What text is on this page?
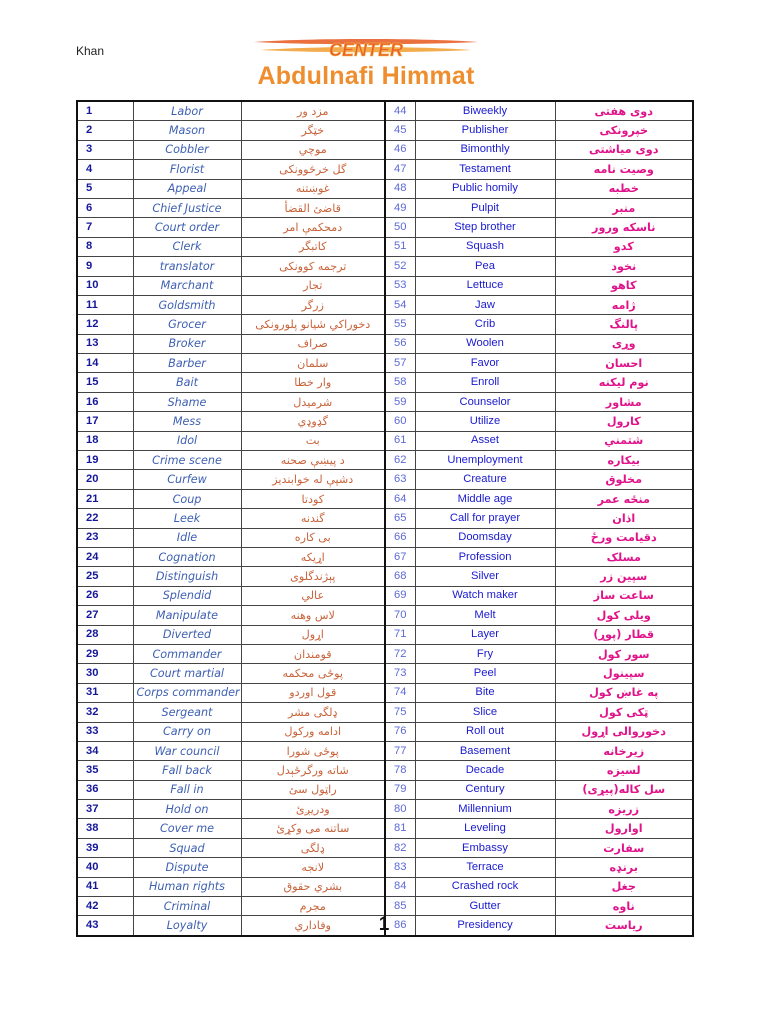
Khan	CENTER
Abdulnafi Himmat
1	Labor	مزد ور	44	Biweekly	دوی هفتی
2	Mason	خټگر	45	Publisher	خپرونکی
3	Cobbler	موچي	46	Bimonthly	دوی میاشتی
4	Florist	گل خرڅوونکی	47	Testament	وصیت نامه
5	Appeal	غوښتنه	48	Public homily	خطبه
6	Chief Justice	قاضئ القضأ	49	Pulpit	منبر
7	Court order	دمحکمې امر	50	Step brother	ناسکه ورور
8	Clerk	کاتبگر	51	Squash	کدو
9	translator	ترجمه کوونکی	52	Pea	نخود
10	Marchant	تجار	53	Lettuce	کاهو
11	Goldsmith	زرگر	54	Jaw	ژامه
12	Grocer	دخوراکي شیانو پلورونکی	55	Crib	پالنگ
13	Broker	صراف	56	Woolen	وړی
14	Barber	سلمان	57	Favor	احسان
15	Bait	وار خطا	58	Enroll	نوم لیکنه
16	Shame	شرمیدل	59	Counselor	مشاور
17	Mess	گډوډي	60	Utilize	کارول
18	Idol	بت	61	Asset	شتمني
19	Crime scene	د پیښې صحنه	62	Unemployment	بیکاره
20	Curfew	دشپې له خوابندیز	63	Creature	مخلوق
21	Coup	کودتا	64	Middle age	منځه عمر
22	Leek	گندنه	65	Call for prayer	اذان
23	Idle	بی کاره	66	Doomsday	دقیامت ورځ
24	Cognation	اړیکه	67	Profession	مسلک
25	Distinguish	پېژندگلوی	68	Silver	سپین زر
26	Splendid	عالي	69	Watch maker	ساعت ساز
27	Manipulate	لاس وهنه	70	Melt	ویلی کول
28	Diverted	اړول	71	Layer	قطار (پوړ)
29	Commander	قومندان	72	Fry	سور کول
30	Court martial	پوځی محکمه	73	Peel	سپینول
31	Corps commander	قول اوردو	74	Bite	په غاښ کول
32	Sergeant	ډلگی مشر	75	Slice	ټکی کول
33	Carry on	ادامه ورکول	76	Roll out	دخوروالی اړول
34	War council	پوځی شورا	77	Basement	زیرخانه
35	Fall back	شاته ورگرځېدل	78	Decade	لسیزه
36	Fall in	راټول سئ	79	Century	سل کاله(پیړی)
37	Hold on	ودریږئ	80	Millennium	زریزه
38	Cover me	ساتنه می وکړئ	81	Leveling	اوارول
39	Squad	ډلگی	82	Embassy	سفارت
40	Dispute	لانجه	83	Terrace	برنډه
41	Human rights	بشري حقوق	84	Crashed rock	جغل
42	Criminal	مجرم	85	Gutter	ناوه
43	Loyalty	وفاداري	86	Presidency	ریاست
1
